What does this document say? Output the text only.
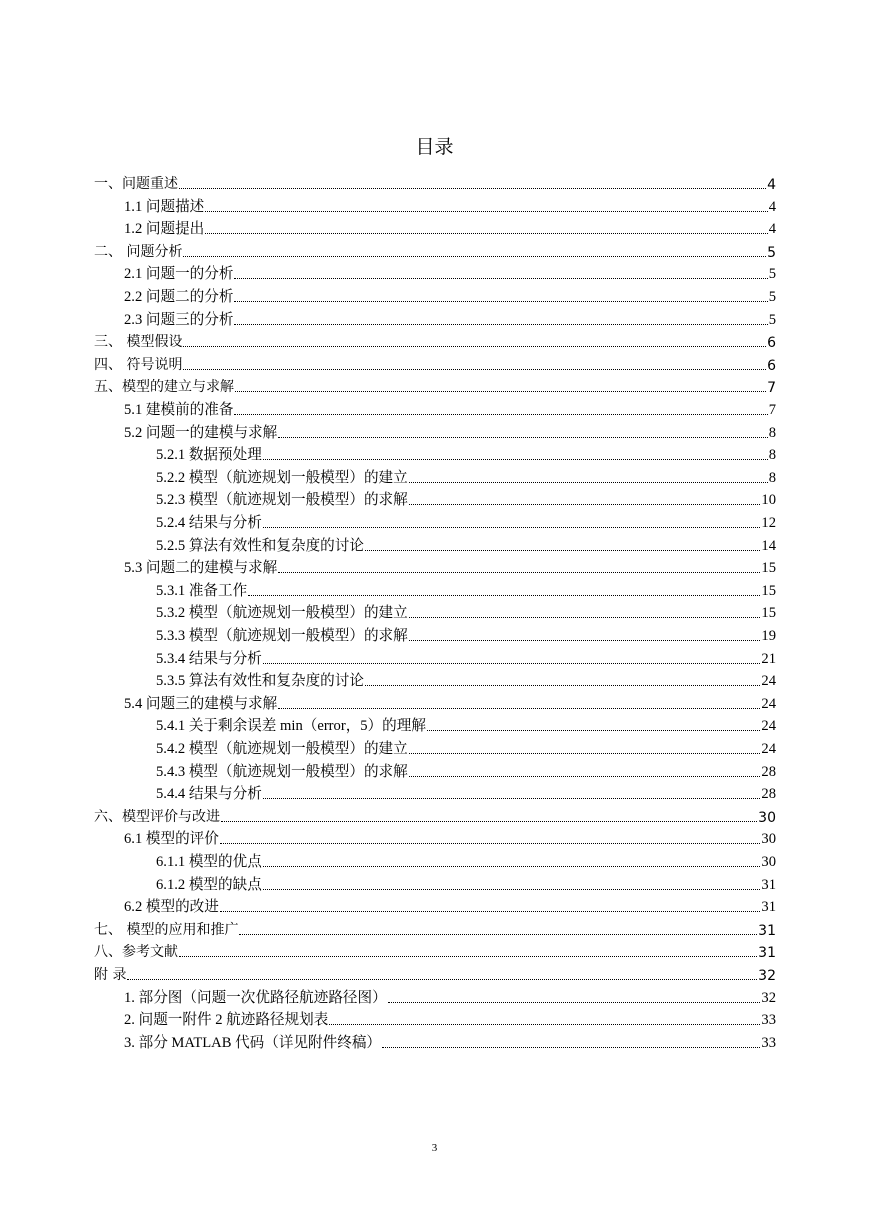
目录
一、问题重述	4
1.1 问题描述	4
1.2 问题提出	4
二、 问题分析	5
2.1 问题一的分析	5
2.2 问题二的分析	5
2.3 问题三的分析	5
三、 模型假设	6
四、 符号说明	6
五、模型的建立与求解	7
5.1 建模前的准备	7
5.2 问题一的建模与求解	8
5.2.1 数据预处理	8
5.2.2 模型（航迹规划一般模型）的建立	8
5.2.3 模型（航迹规划一般模型）的求解	10
5.2.4 结果与分析	12
5.2.5 算法有效性和复杂度的讨论	14
5.3 问题二的建模与求解	15
5.3.1 准备工作	15
5.3.2 模型（航迹规划一般模型）的建立	15
5.3.3 模型（航迹规划一般模型）的求解	19
5.3.4 结果与分析	21
5.3.5 算法有效性和复杂度的讨论	24
5.4 问题三的建模与求解	24
5.4.1 关于剩余误差 min（error，5）的理解	24
5.4.2 模型（航迹规划一般模型）的建立	24
5.4.3 模型（航迹规划一般模型）的求解	28
5.4.4 结果与分析	28
六、模型评价与改进	30
6.1 模型的评价	30
6.1.1 模型的优点	30
6.1.2 模型的缺点	31
6.2 模型的改进	31
七、 模型的应用和推广	31
八、参考文献	31
附 录	32
1. 部分图（问题一次优路径航迹路径图）	32
2. 问题一附件 2 航迹路径规划表	33
3. 部分 MATLAB 代码（详见附件终稿）	33
3
